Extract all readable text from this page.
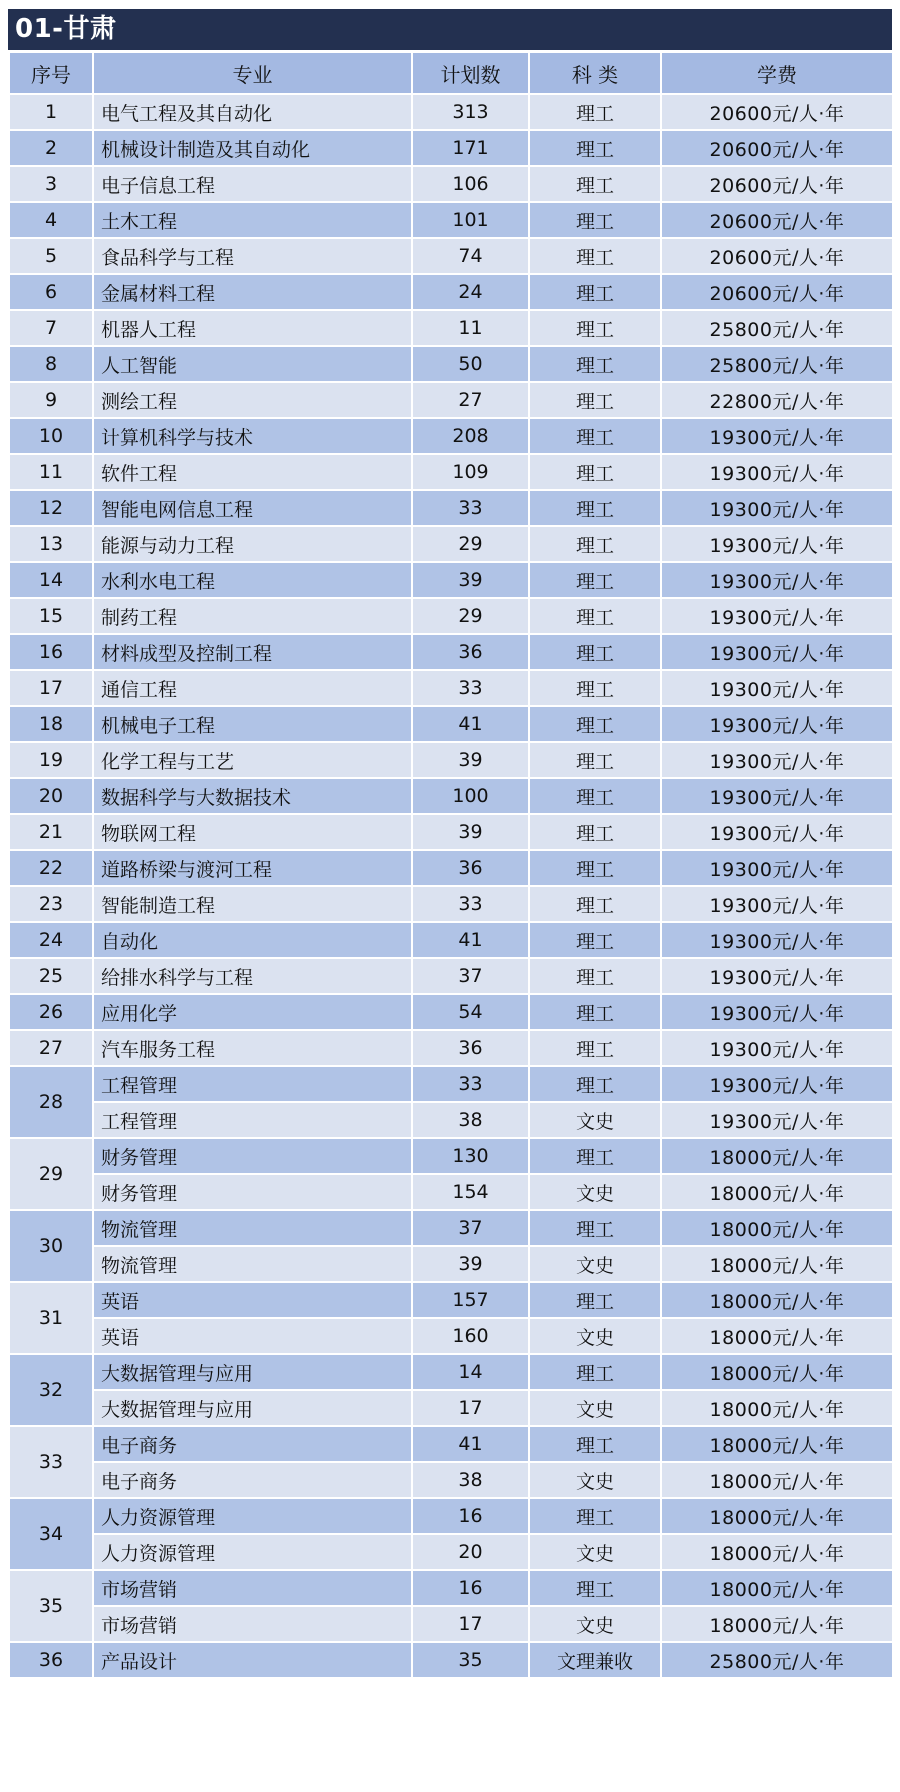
01-甘肃
序号	专业	计划数	科 类	学费
1	电气工程及其自动化	313	理工	20600元/人·年
2	机械设计制造及其自动化	171	理工	20600元/人·年
3	电子信息工程	106	理工	20600元/人·年
4	土木工程	101	理工	20600元/人·年
5	食品科学与工程	74	理工	20600元/人·年
6	金属材料工程	24	理工	20600元/人·年
7	机器人工程	11	理工	25800元/人·年
8	人工智能	50	理工	25800元/人·年
9	测绘工程	27	理工	22800元/人·年
10	计算机科学与技术	208	理工	19300元/人·年
11	软件工程	109	理工	19300元/人·年
12	智能电网信息工程	33	理工	19300元/人·年
13	能源与动力工程	29	理工	19300元/人·年
14	水利水电工程	39	理工	19300元/人·年
15	制药工程	29	理工	19300元/人·年
16	材料成型及控制工程	36	理工	19300元/人·年
17	通信工程	33	理工	19300元/人·年
18	机械电子工程	41	理工	19300元/人·年
19	化学工程与工艺	39	理工	19300元/人·年
20	数据科学与大数据技术	100	理工	19300元/人·年
21	物联网工程	39	理工	19300元/人·年
22	道路桥梁与渡河工程	36	理工	19300元/人·年
23	智能制造工程	33	理工	19300元/人·年
24	自动化	41	理工	19300元/人·年
25	给排水科学与工程	37	理工	19300元/人·年
26	应用化学	54	理工	19300元/人·年
27	汽车服务工程	36	理工	19300元/人·年
28	工程管理	33	理工	19300元/人·年
	工程管理	38	文史	19300元/人·年
29	财务管理	130	理工	18000元/人·年
	财务管理	154	文史	18000元/人·年
30	物流管理	37	理工	18000元/人·年
	物流管理	39	文史	18000元/人·年
31	英语	157	理工	18000元/人·年
	英语	160	文史	18000元/人·年
32	大数据管理与应用	14	理工	18000元/人·年
	大数据管理与应用	17	文史	18000元/人·年
33	电子商务	41	理工	18000元/人·年
	电子商务	38	文史	18000元/人·年
34	人力资源管理	16	理工	18000元/人·年
	人力资源管理	20	文史	18000元/人·年
35	市场营销	16	理工	18000元/人·年
	市场营销	17	文史	18000元/人·年
36	产品设计	35	文理兼收	25800元/人·年
